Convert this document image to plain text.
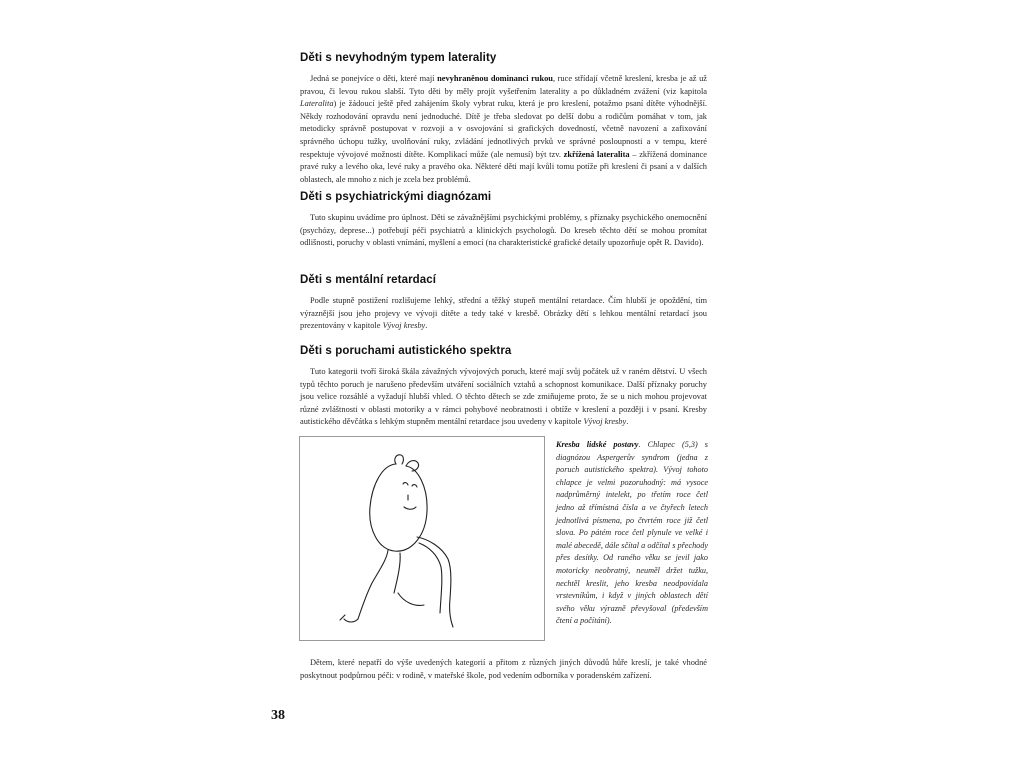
Děti s nevyhodným typem laterality

Jedná se ponejvíce o děti, které mají nevyhraněnou dominanci rukou, ruce střídají včetně kreslení, kresba je až už pravou, či levou rukou slabší. Tyto děti by měly projít vyšetřením laterality a po důkladném zvážení (viz kapitola Lateralita) je žádoucí ještě před zahájením školy vybrat ruku, která je pro kreslení, potažmo psaní dítěte výhodnější. Někdy rozhodování opravdu není jednoduché. Dítě je třeba sledovat po delší dobu a rodičům pomáhat v tom, jak metodicky správně postupovat v rozvoji a v osvojování si grafických dovedností, včetně navození a zafixování správného úchopu tužky, uvolňování ruky, zvládání jednotlivých prvků ve správné posloupnosti a v tempu, které respektuje vývojové možnosti dítěte. Komplikací může (ale nemusí) být tzv. zkřížená lateralita – zkřížená dominance pravé ruky a levého oka, levé ruky a pravého oka. Některé děti mají kvůli tomu potíže při kreslení či psaní a v dalších oblastech, ale mnoho z nich je zcela bez problémů.

Děti s psychiatrickými diagnózami

Tuto skupinu uvádíme pro úplnost. Děti se závažnějšími psychickými problémy, s příznaky psychického onemocnění (psychózy, deprese...) potřebují péči psychiatrů a klinických psychologů. Do kreseb těchto dětí se mohou promítat odlišnosti, poruchy v oblasti vnímání, myšlení a emocí (na charakteristické grafické detaily upozorňuje opět R. Davido).

Děti s mentální retardací

Podle stupně postižení rozlišujeme lehký, střední a těžký stupeň mentální retardace. Čím hlubší je opoždění, tím výraznější jsou jeho projevy ve vývoji dítěte a tedy také v kresbě. Obrázky dětí s lehkou mentální retardací jsou prezentovány v kapitole Vývoj kresby.

Děti s poruchami autistického spektra

Tuto kategorii tvoří široká škála závažných vývojových poruch, které mají svůj počátek už v raném dětství. U všech typů těchto poruch je narušeno především utváření sociálních vztahů a schopnost komunikace. Další příznaky poruchy jsou velice rozsáhlé a vyžadují hlubší vhled. O těchto dětech se zde zmiňujeme proto, že se u nich mohou projevovat různé zvláštnosti v oblasti motoriky a v rámci pohybové neobratnosti i obtíže v kreslení a později i v psaní. Kresby autistického děvčátka s lehkým stupněm mentální retardace jsou uvedeny v kapitole Vývoj kresby.

Kresba lidské postavy. Chlapec (5,3) s diagnózou Aspergerův syndrom (jedna z poruch autistického spektra). Vývoj tohoto chlapce je velmi pozoruhodný: má vysoce nadprůměrný intelekt, po třetím roce četl jedno až třímístná čísla a ve čtyřech letech jednotlivá písmena, po čtvrtém roce již četl slova. Po pátém roce četl plynule ve velké i malé abecedě, dále sčítal a odčítal s přechody přes desítky. Od raného věku se jevil jako motoricky neobratný, neuměl držet tužku, nechtěl kreslit, jeho kresba neodpovídala vrstevníkům, i když v jiných oblastech dětí svého věku výrazně převyšoval (především čtení a počítání).

Dětem, které nepatří do výše uvedených kategorií a přitom z různých jiných důvodů hůře kreslí, je také vhodné poskytnout podpůrnou péči: v rodině, v mateřské škole, pod vedením odborníka v poradenském zařízení.

38
